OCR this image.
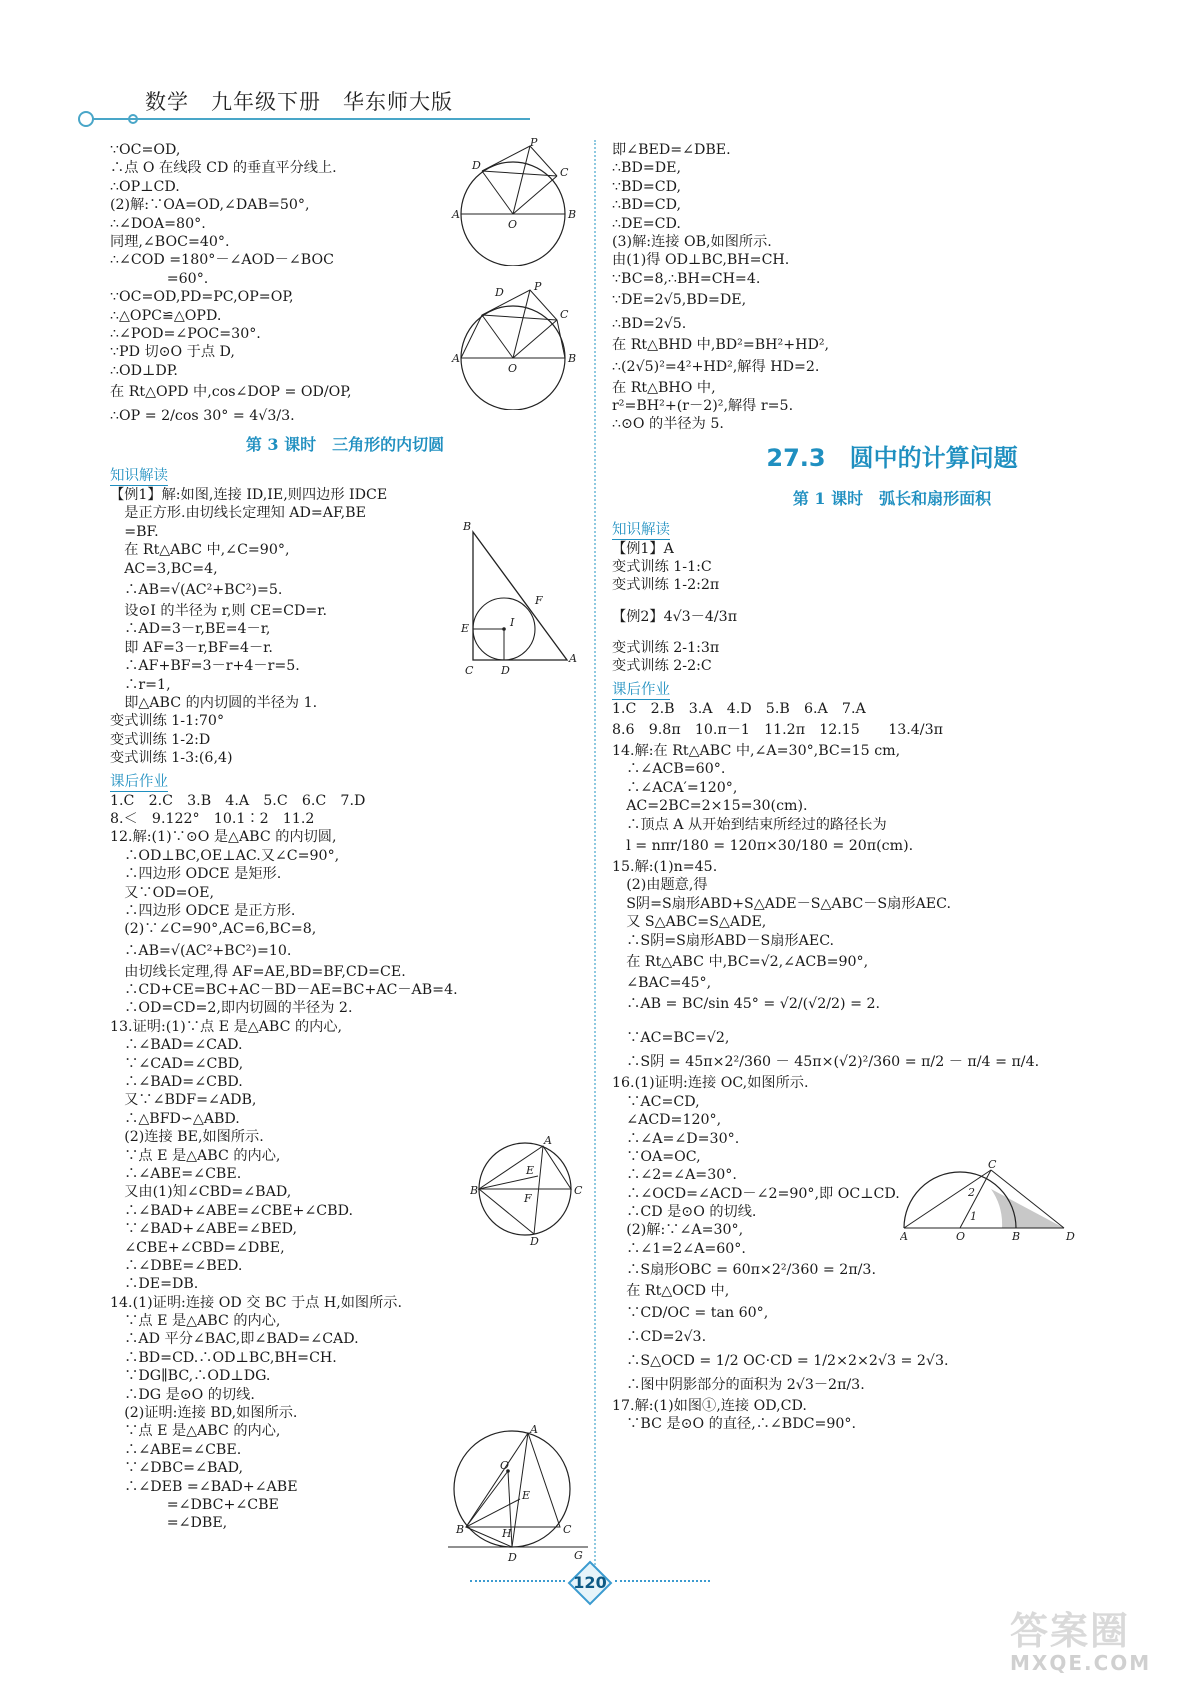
数学　九年级下册　华东师大版
∵OC=OD,
∴点 O 在线段 CD 的垂直平分线上.
∴OP⊥CD.
(2)解:∵OA=OD,∠DAB=50°,
∴∠DOA=80°.
同理,∠BOC=40°.
∴∠COD =180°－∠AOD－∠BOC
　　　　=60°.
∵OC=OD,PD=PC,OP=OP,
∴△OPC≌△OPD.
∴∠POD=∠POC=30°.
∵PD 切⊙O 于点 D,
∴OD⊥DP.
在 Rt△OPD 中,cos∠DOP = OD/OP,
∴OP = 2/cos 30° = 4√3/3.
第 3 课时　三角形的内切圆
知识解读
【例1】解:如图,连接 ID,IE,则四边形 IDCE
　是正方形.由切线长定理知 AD=AF,BE
　=BF.
　在 Rt△ABC 中,∠C=90°,
　AC=3,BC=4,
　∴AB=√(AC²+BC²)=5.
　设⊙I 的半径为 r,则 CE=CD=r.
　∴AD=3－r,BE=4－r,
　即 AF=3－r,BF=4－r.
　∴AF+BF=3－r+4－r=5.
　∴r=1,
　即△ABC 的内切圆的半径为 1.
变式训练 1-1:70°
变式训练 1-2:D
变式训练 1-3:(6,4)
课后作业
1.C　2.C　3.B　4.A　5.C　6.C　7.D
8.＜　9.122°　10.1∶2　11.2
12.解:(1)∵⊙O 是△ABC 的内切圆,
　∴OD⊥BC,OE⊥AC.又∠C=90°,
　∴四边形 ODCE 是矩形.
　又∵OD=OE,
　∴四边形 ODCE 是正方形.
　(2)∵∠C=90°,AC=6,BC=8,
　∴AB=√(AC²+BC²)=10.
　由切线长定理,得 AF=AE,BD=BF,CD=CE.
　∴CD+CE=BC+AC－BD－AE=BC+AC－AB=4.
　∴OD=CD=2,即内切圆的半径为 2.
13.证明:(1)∵点 E 是△ABC 的内心,
　∴∠BAD=∠CAD.
　∵∠CAD=∠CBD,
　∴∠BAD=∠CBD.
　又∵∠BDF=∠ADB,
　∴△BFD∽△ABD.
　(2)连接 BE,如图所示.
　∵点 E 是△ABC 的内心,
　∴∠ABE=∠CBE.
　又由(1)知∠CBD=∠BAD,
　∴∠BAD+∠ABE=∠CBE+∠CBD.
　∵∠BAD+∠ABE=∠BED,
　∠CBE+∠CBD=∠DBE,
　∴∠DBE=∠BED.
　∴DE=DB.
14.(1)证明:连接 OD 交 BC 于点 H,如图所示.
　∵点 E 是△ABC 的内心,
　∴AD 平分∠BAC,即∠BAD=∠CAD.
　∴BD=CD.∴OD⊥BC,BH=CH.
　∵DG∥BC,∴OD⊥DG.
　∴DG 是⊙O 的切线.
　(2)证明:连接 BD,如图所示.
　∵点 E 是△ABC 的内心,
　∴∠ABE=∠CBE.
　∵∠DBC=∠BAD,
　∴∠DEB =∠BAD+∠ABE
　　　　=∠DBC+∠CBE
　　　　=∠DBE,
即∠BED=∠DBE.
∴BD=DE,
∵BD=CD,
∴BD=CD,
∴DE=CD.
(3)解:连接 OB,如图所示.
由(1)得 OD⊥BC,BH=CH.
∵BC=8,∴BH=CH=4.
∵DE=2√5,BD=DE,
∴BD=2√5.
在 Rt△BHD 中,BD²=BH²+HD²,
∴(2√5)²=4²+HD²,解得 HD=2.
在 Rt△BHO 中,
r²=BH²+(r－2)²,解得 r=5.
∴⊙O 的半径为 5.
27.3　圆中的计算问题
第 1 课时　弧长和扇形面积
知识解读
【例1】A
变式训练 1-1:C
变式训练 1-2:2π
【例2】4√3－4/3π
变式训练 2-1:3π
变式训练 2-2:C
课后作业
1.C　2.B　3.A　4.D　5.B　6.A　7.A
8.6　9.8π　10.π－1　11.2π　12.15　　13.4/3π
14.解:在 Rt△ABC 中,∠A=30°,BC=15 cm,
　∴∠ACB=60°.
　∴∠ACA′=120°,
　AC=2BC=2×15=30(cm).
　∴顶点 A 从开始到结束所经过的路径长为
　l = nπr/180 = 120π×30/180 = 20π(cm).
15.解:(1)n=45.
　(2)由题意,得
　S阴=S扇形ABD+S△ADE－S△ABC－S扇形AEC.
　又 S△ABC=S△ADE,
　∴S阴=S扇形ABD－S扇形AEC.
　在 Rt△ABC 中,BC=√2,∠ACB=90°,
　∠BAC=45°,
　∴AB = BC/sin 45° = √2/(√2/2) = 2.
　∵AC=BC=√2,
　∴S阴 = 45π×2²/360 － 45π×(√2)²/360 = π/2 － π/4 = π/4.
16.(1)证明:连接 OC,如图所示.
　∵AC=CD,
　∠ACD=120°,
　∴∠A=∠D=30°.
　∵OA=OC,
　∴∠2=∠A=30°.
　∴∠OCD=∠ACD－∠2=90°,即 OC⊥CD.
　∴CD 是⊙O 的切线.
　(2)解:∵∠A=30°,
　∴∠1=2∠A=60°.
　∴S扇形OBC = 60π×2²/360 = 2π/3.
　在 Rt△OCD 中,
　∵CD/OC = tan 60°,
　∴CD=2√3.
　∴S△OCD = 1/2 OC·CD = 1/2×2×2√3 = 2√3.
　∴图中阴影部分的面积为 2√3－2π/3.
17.解:(1)如图①,连接 OD,CD.
　∵BC 是⊙O 的直径,∴∠BDC=90°.
D
P
C
A
O
B
D	P
C
A
O
B
B
F
E	I
C	D
A
A
E
B
F
C
D
A
O
E
B	H	C
D	G
C
2
1
A	O	B	D
120
答案圈
MXQE.COM
